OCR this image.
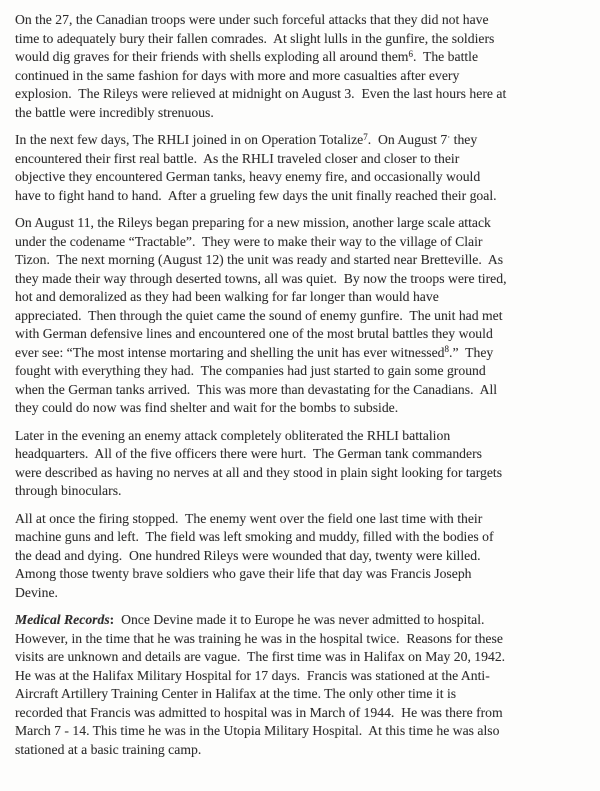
On the 27, the Canadian troops were under such forceful attacks that they did not have
time to adequately bury their fallen comrades.  At slight lulls in the gunfire, the soldiers
would dig graves for their friends with shells exploding all around them$^6$.  The battle
continued in the same fashion for days with more and more casualties after every
explosion.  The Rileys were relieved at midnight on August 3.  Even the last hours here at
the battle were incredibly strenuous.
In the next few days, The RHLI joined in on Operation Totalize$^7$.  On August 7· they
encountered their first real battle.  As the RHLI traveled closer and closer to their
objective they encountered German tanks, heavy enemy fire, and occasionally would
have to fight hand to hand.  After a grueling few days the unit finally reached their goal.
On August 11, the Rileys began preparing for a new mission, another large scale attack
under the codename “Tractable”.  They were to make their way to the village of Clair
Tizon.  The next morning (August 12) the unit was ready and started near Bretteville.  As
they made their way through deserted towns, all was quiet.  By now the troops were tired,
hot and demoralized as they had been walking for far longer than would have
appreciated.  Then through the quiet came the sound of enemy gunfire.  The unit had met
with German defensive lines and encountered one of the most brutal battles they would
ever see: “The most intense mortaring and shelling the unit has ever witnessed$^8$.”  They
fought with everything they had.  The companies had just started to gain some ground
when the German tanks arrived.  This was more than devastating for the Canadians.  All
they could do now was find shelter and wait for the bombs to subside.
Later in the evening an enemy attack completely obliterated the RHLI battalion
headquarters.  All of the five officers there were hurt.  The German tank commanders
were described as having no nerves at all and they stood in plain sight looking for targets
through binoculars.
All at once the firing stopped.  The enemy went over the field one last time with their
machine guns and left.  The field was left smoking and muddy, filled with the bodies of
the dead and dying.  One hundred Rileys were wounded that day, twenty were killed.
Among those twenty brave soldiers who gave their life that day was Francis Joseph
Devine.
Medical Records:  Once Devine made it to Europe he was never admitted to hospital.
However, in the time that he was training he was in the hospital twice.  Reasons for these
visits are unknown and details are vague.  The first time was in Halifax on May 20, 1942.
He was at the Halifax Military Hospital for 17 days.  Francis was stationed at the Anti-
Aircraft Artillery Training Center in Halifax at the time. The only other time it is
recorded that Francis was admitted to hospital was in March of 1944.  He was there from
March 7 - 14. This time he was in the Utopia Military Hospital.  At this time he was also
stationed at a basic training camp.
